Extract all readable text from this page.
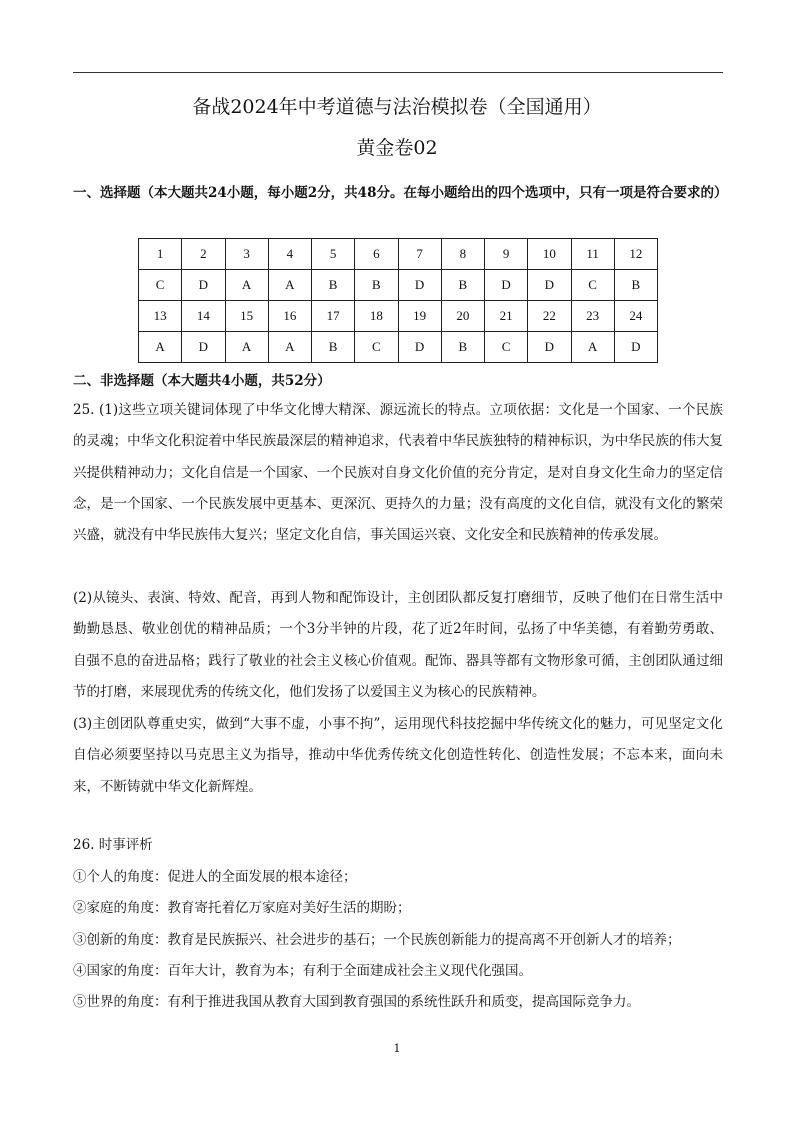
备战2024年中考道德与法治模拟卷（全国通用）
黄金卷02
一、选择题（本大题共24小题，每小题2分，共48分。在每小题给出的四个选项中，只有一项是符合要求的）
1	2	3	4	5	6	7	8	9	10	11	12
C	D	A	A	B	B	D	B	D	D	C	B
13	14	15	16	17	18	19	20	21	22	23	24
A	D	A	A	B	C	D	B	C	D	A	D
二、非选择题（本大题共4小题，共52分）
25. (1)这些立项关键词体现了中华文化博大精深、源远流长的特点。立项依据：文化是一个国家、一个民族的灵魂；中华文化积淀着中华民族最深层的精神追求，代表着中华民族独特的精神标识，为中华民族的伟大复兴提供精神动力；文化自信是一个国家、一个民族对自身文化价值的充分肯定，是对自身文化生命力的坚定信念，是一个国家、一个民族发展中更基本、更深沉、更持久的力量；没有高度的文化自信，就没有文化的繁荣兴盛，就没有中华民族伟大复兴；坚定文化自信，事关国运兴衰、文化安全和民族精神的传承发展。
(2)从镜头、表演、特效、配音，再到人物和配饰设计，主创团队都反复打磨细节，反映了他们在日常生活中勤勤恳恳、敬业创优的精神品质；一个3分半钟的片段，花了近2年时间，弘扬了中华美德，有着勤劳勇敢、自强不息的奋进品格；践行了敬业的社会主义核心价值观。配饰、器具等都有文物形象可循，主创团队通过细节的打磨，来展现优秀的传统文化，他们发扬了以爱国主义为核心的民族精神。
(3)主创团队尊重史实，做到“大事不虚，小事不拘”，运用现代科技挖掘中华传统文化的魅力，可见坚定文化自信必须要坚持以马克思主义为指导，推动中华优秀传统文化创造性转化、创造性发展；不忘本来，面向未来，不断铸就中华文化新辉煌。
26. 时事评析
①个人的角度：促进人的全面发展的根本途径；
②家庭的角度：教育寄托着亿万家庭对美好生活的期盼；
③创新的角度：教育是民族振兴、社会进步的基石；一个民族创新能力的提高离不开创新人才的培养；
④国家的角度：百年大计，教育为本；有利于全面建成社会主义现代化强国。
⑤世界的角度：有利于推进我国从教育大国到教育强国的系统性跃升和质变，提高国际竞争力。
1
